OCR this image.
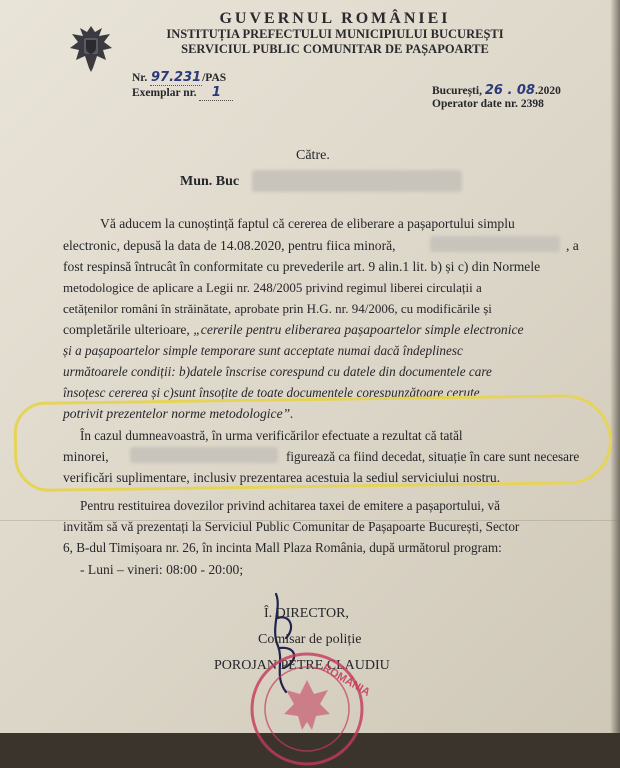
GUVERNUL ROMÂNIEI
INSTITUȚIA PREFECTULUI MUNICIPIULUI BUCUREȘTI
SERVICIUL PUBLIC COMUNITAR DE PAȘAPOARTE
Nr. 97.231/PAS
Exemplar nr. 1	București, 26 . 08.2020
Operator date nr. 2398
Către.
Mun. Buc
Vă aducem la cunoștință faptul că cererea de eliberare a pașaportului simplu
electronic, depusă la data de 14.08.2020, pentru fiica minoră,	, a
fost respinsă întrucât în conformitate cu prevederile art. 9 alin.1 lit. b) și c) din Normele
metodologice de aplicare a Legii nr. 248/2005 privind regimul liberei circulații a
cetățenilor români în străinătate, aprobate prin H.G. nr. 94/2006, cu modificările și
completările ulterioare, „cererile pentru eliberarea pașapoartelor simple electronice
și a pașapoartelor simple temporare sunt acceptate numai dacă îndeplinesc
următoarele condiții: b)datele înscrise corespund cu datele din documentele care
însoțesc cererea și c)sunt însoțite de toate documentele corespunzătoare cerute
potrivit prezentelor norme metodologice”.
În cazul dumneavoastră, în urma verificărilor efectuate a rezultat că tatăl
minorei,	figurează ca fiind decedat, situație în care sunt necesare
verificări suplimentare, inclusiv prezentarea acestuia la sediul serviciului nostru.
Pentru restituirea dovezilor privind achitarea taxei de emitere a pașaportului, vă
invităm să vă prezentați la Serviciul Public Comunitar de Pașapoarte București, Sector
6, B-dul Timișoara nr. 26, în incinta Mall Plaza România, după următorul program:
- Luni – vineri: 08:00 - 20:00;
Î. DIRECTOR,
Comisar de poliție
POROJAN PETRE CLAUDIU
ROMÂNIA
